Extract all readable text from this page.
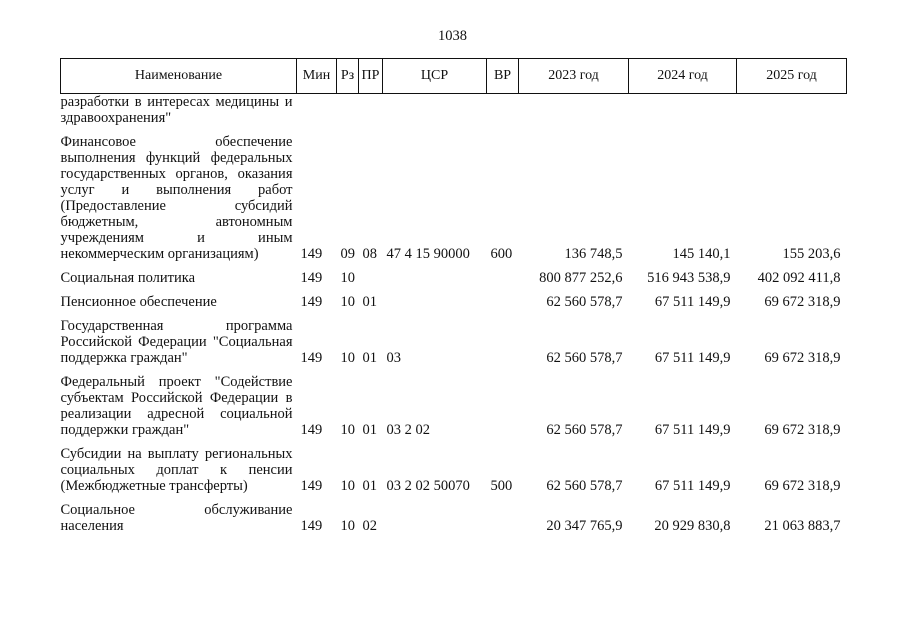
1038
Наименование	Мин	Рз	ПР	ЦСР	ВР	2023 год	2024 год	2025 год
разработки в интересах медицины и здравоохранения"								
Финансовое обеспечение выполнения функций федеральных государственных органов, оказания услуг и выполнения работ (Предоставление субсидий бюджетным, автономным учреждениям и иным некоммерческим организациям)	149	09	08	47 4 15 90000	600	136 748,5	145 140,1	155 203,6
Социальная политика	149	10				800 877 252,6	516 943 538,9	402 092 411,8
Пенсионное обеспечение	149	10	01			62 560 578,7	67 511 149,9	69 672 318,9
Государственная программа Российской Федерации "Социальная поддержка граждан"	149	10	01	03		62 560 578,7	67 511 149,9	69 672 318,9
Федеральный проект "Содействие субъектам Российской Федерации в реализации адресной социальной поддержки граждан"	149	10	01	03 2 02		62 560 578,7	67 511 149,9	69 672 318,9
Субсидии на выплату региональных социальных доплат к пенсии (Межбюджетные трансферты)	149	10	01	03 2 02 50070	500	62 560 578,7	67 511 149,9	69 672 318,9
Социальное обслуживание населения	149	10	02			20 347 765,9	20 929 830,8	21 063 883,7
